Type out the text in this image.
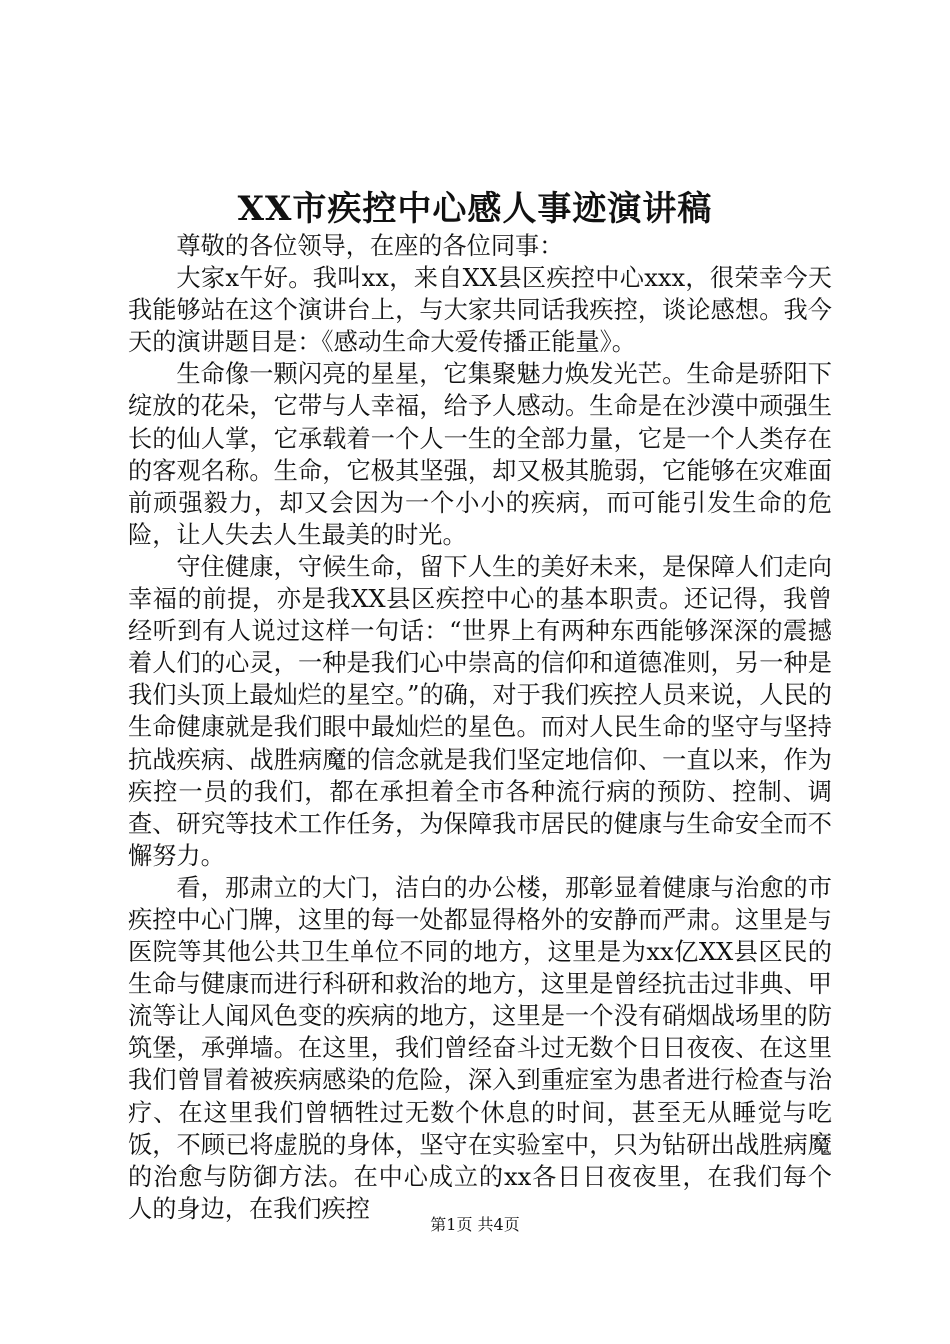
XX市疾控中心感人事迹演讲稿

尊敬的各位领导，在座的各位同事：

大家x午好。我叫xx，来自XX县区疾控中心xxx，很荣幸今天我能够站在这个演讲台上，与大家共同话我疾控，谈论感想。我今天的演讲题目是：《感动生命大爱传播正能量》。

生命像一颗闪亮的星星，它集聚魅力焕发光芒。生命是骄阳下绽放的花朵，它带与人幸福，给予人感动。生命是在沙漠中顽强生长的仙人掌，它承载着一个人一生的全部力量，它是一个人类存在的客观名称。生命，它极其坚强，却又极其脆弱，它能够在灾难面前顽强毅力，却又会因为一个小小的疾病，而可能引发生命的危险，让人失去人生最美的时光。

守住健康，守候生命，留下人生的美好未来，是保障人们走向幸福的前提，亦是我XX县区疾控中心的基本职责。还记得，我曾经听到有人说过这样一句话：“世界上有两种东西能够深深的震撼着人们的心灵，一种是我们心中崇高的信仰和道德准则，另一种是我们头顶上最灿烂的星空。”的确，对于我们疾控人员来说，人民的生命健康就是我们眼中最灿烂的星色。而对人民生命的坚守与坚持抗战疾病、战胜病魔的信念就是我们坚定地信仰、一直以来，作为疾控一员的我们，都在承担着全市各种流行病的预防、控制、调查、研究等技术工作任务，为保障我市居民的健康与生命安全而不懈努力。

看，那肃立的大门，洁白的办公楼，那彰显着健康与治愈的市疾控中心门牌，这里的每一处都显得格外的安静而严肃。这里是与医院等其他公共卫生单位不同的地方，这里是为xx亿XX县区民的生命与健康而进行科研和救治的地方，这里是曾经抗击过非典、甲流等让人闻风色变的疾病的地方，这里是一个没有硝烟战场里的防筑堡，承弹墙。在这里，我们曾经奋斗过无数个日日夜夜、在这里我们曾冒着被疾病感染的危险，深入到重症室为患者进行检查与治疗、在这里我们曾牺牲过无数个休息的时间，甚至无从睡觉与吃饭，不顾已将虚脱的身体，坚守在实验室中，只为钻研出战胜病魔的治愈与防御方法。在中心成立的xx各日日夜夜里，在我们每个人的身边，在我们疾控

第1页 共4页
